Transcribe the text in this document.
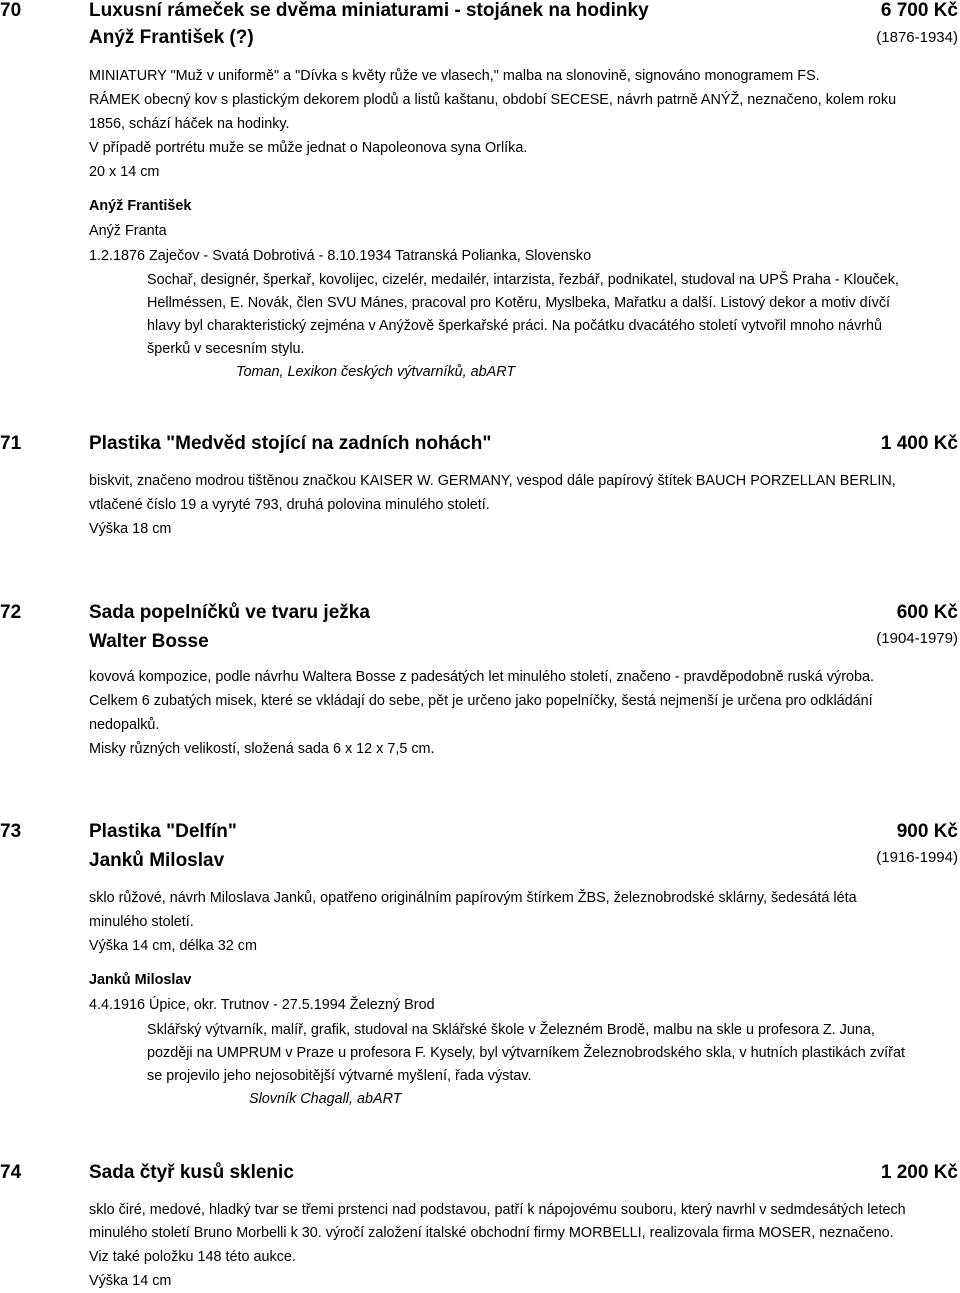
70	Luxusní rámeček se dvěma miniaturami - stojánek na hodinky	6 700 Kč
Anýž František (?)	(1876-1934)
MINIATURY "Muž v uniformě" a "Dívka s květy růže ve vlasech," malba na slonovině, signováno monogramem FS.
RÁMEK obecný kov s plastickým dekorem plodů a listů kaštanu, období SECESE, návrh patrně ANÝŽ, neznačeno, kolem roku
1856, schází háček na hodinky.
V případě portrétu muže se může jednat o Napoleonova syna Orlíka.
20 x 14 cm
Anýž František
Anýž Franta
1.2.1876 Zaječov - Svatá Dobrotivá - 8.10.1934 Tatranská Polianka, Slovensko
Sochař, designér, šperkař, kovolijec, cizelér, medailér, intarzista, řezbář, podnikatel, studoval na UPŠ Praha - Klouček,
Hellméssen, E. Novák, člen SVU Mánes, pracoval pro Kotěru, Myslbeka, Mařatku a další. Listový dekor a motiv dívčí
hlavy byl charakteristický zejména v Anýžově šperkařské práci. Na počátku dvacátého století vytvořil mnoho návrhů
šperků v secesním stylu.
Toman, Lexikon českých výtvarníků, abART
71	Plastika "Medvěd stojící na zadních nohách"	1 400 Kč
biskvit, značeno modrou tištěnou značkou KAISER W. GERMANY, vespod dále papírový štítek BAUCH PORZELLAN BERLIN,
vtlačené číslo 19 a vyryté 793, druhá polovina minulého století.
Výška 18 cm
72	Sada popelníčků ve tvaru ježka	600 Kč
Walter Bosse	(1904-1979)
kovová kompozice, podle návrhu Waltera Bosse z padesátých let minulého století, značeno - pravděpodobně ruská výroba.
Celkem 6 zubatých misek, které se vkládají do sebe, pět je určeno jako popelníčky, šestá nejmenší je určena pro odkládání
nedopalků.
Misky různých velikostí, složená sada 6 x 12 x 7,5 cm.
73	Plastika "Delfín"	900 Kč
Janků Miloslav	(1916-1994)
sklo růžové, návrh Miloslava Janků, opatřeno originálním papírovým štírkem ŽBS, železnobrodské sklárny, šedesátá léta
minulého století.
Výška 14 cm, délka 32 cm
Janků Miloslav
4.4.1916 Úpice, okr. Trutnov - 27.5.1994 Železný Brod
Sklářský výtvarník, malíř, grafik, studoval na Sklářské škole v Železném Brodě, malbu na skle u profesora Z. Juna,
později na UMPRUM v Praze u profesora F. Kysely, byl výtvarníkem Železnobrodského skla, v hutních plastikách zvířat
se projevilo jeho nejosobitější výtvarné myšlení, řada výstav.
Slovník Chagall, abART
74	Sada čtyř kusů sklenic	1 200 Kč
sklo čiré, medové, hladký tvar se třemi prstenci nad podstavou, patří k nápojovému souboru, který navrhl v sedmdesátých letech
minulého století Bruno Morbelli k 30. výročí založení italské obchodní firmy MORBELLI, realizovala firma MOSER, neznačeno.
Viz také položku 148 této aukce.
Výška 14 cm
